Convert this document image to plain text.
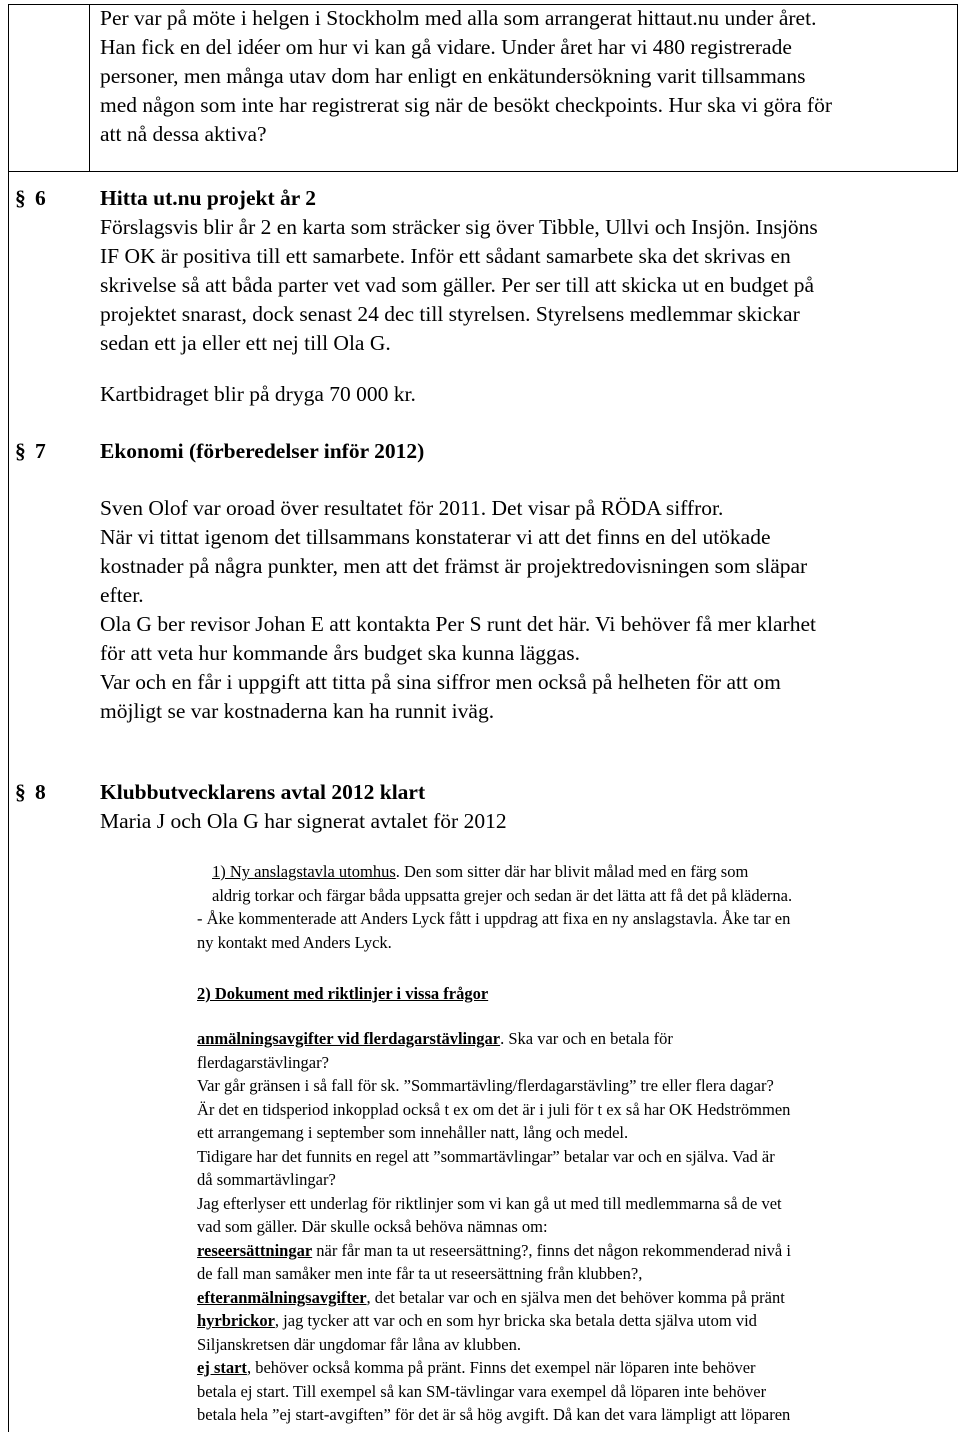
Per var på möte i helgen i Stockholm med alla som arrangerat hittaut.nu under året.

Han fick en del idéer om hur vi kan gå vidare. Under året har vi 480 registrerade

personer, men många utav dom har enligt en enkätundersökning varit tillsammans

med någon som inte har registrerat sig när de besökt checkpoints. Hur ska vi göra för

att nå dessa aktiva?

§ 6	Hitta ut.nu projekt år 2

Förslagsvis blir år 2 en karta som sträcker sig över Tibble, Ullvi och Insjön. Insjöns

IF OK är positiva till ett samarbete. Inför ett sådant samarbete ska det skrivas en

skrivelse så att båda parter vet vad som gäller. Per ser till att skicka ut en budget på

projektet snarast, dock senast 24 dec till styrelsen. Styrelsens medlemmar skickar

sedan ett ja eller ett nej till Ola G.

Kartbidraget blir på dryga 70 000 kr.
§ 7	Ekonomi (förberedelser inför 2012)

Sven Olof var oroad över resultatet för 2011. Det visar på RÖDA siffror.

När vi tittat igenom det tillsammans konstaterar vi att det finns en del utökade

kostnader på några punkter, men att det främst är projektredovisningen som släpar

efter.

Ola G ber revisor Johan E att kontakta Per S runt det här. Vi behöver få mer klarhet

för att veta hur kommande års budget ska kunna läggas.

Var och en får i uppgift att titta på sina siffror men också på helheten för att om

möjligt se var kostnaderna kan ha runnit iväg.

§ 8	Klubbutvecklarens avtal 2012 klart

Maria J och Ola G har signerat avtalet för 2012

1) Ny anslagstavla utomhus. Den som sitter där har blivit målad med en färg som

aldrig torkar och färgar båda uppsatta grejer och sedan är det lätta att få det på kläderna.

- Åke kommenterade att Anders Lyck fått i uppdrag att fixa en ny anslagstavla. Åke tar en

ny kontakt med Anders Lyck.

2) Dokument med riktlinjer i vissa frågor

anmälningsavgifter vid flerdagarstävlingar. Ska var och en betala för

flerdagarstävlingar?

Var går gränsen i så fall för sk. ”Sommartävling/flerdagarstävling” tre eller flera dagar?

Är det en tidsperiod inkopplad också t ex om det är i juli för t ex så har OK Hedströmmen

ett arrangemang i september som innehåller natt, lång och medel.

Tidigare har det funnits en regel att ”sommartävlingar” betalar var och en själva. Vad är

då sommartävlingar?

Jag efterlyser ett underlag för riktlinjer som vi kan gå ut med till medlemmarna så de vet

vad som gäller. Där skulle också behöva nämnas om:

reseersättningar när får man ta ut reseersättning?, finns det någon rekommenderad nivå i

de fall man samåker men inte får ta ut reseersättning från klubben?,

efteranmälningsavgifter, det betalar var och en själva men det behöver komma på pränt

hyrbrickor, jag tycker att var och en som hyr bricka ska betala detta själva utom vid

Siljanskretsen där ungdomar får låna av klubben.

ej start, behöver också komma på pränt. Finns det exempel när löparen inte behöver

betala ej start. Till exempel så kan SM-tävlingar vara exempel då löparen inte behöver

betala hela ”ej start-avgiften” för det är så hög avgift. Då kan det vara lämpligt att löparen
